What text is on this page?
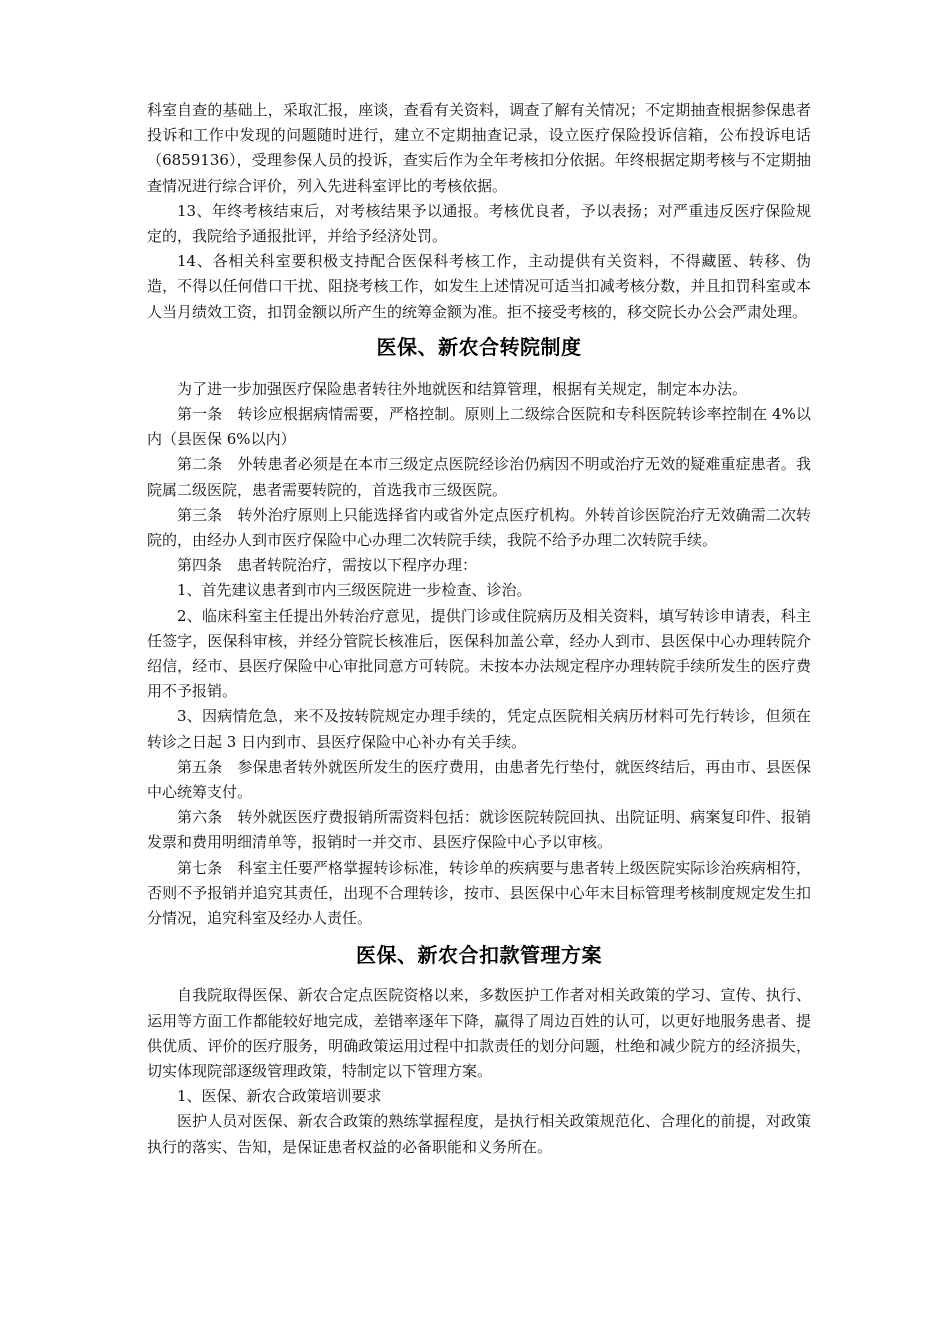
科室自查的基础上，采取汇报，座谈，查看有关资料，调查了解有关情况；不定期抽查根据参保患者投诉和工作中发现的问题随时进行，建立不定期抽查记录，设立医疗保险投诉信箱，公布投诉电话（6859136），受理参保人员的投诉，查实后作为全年考核扣分依据。年终根据定期考核与不定期抽查情况进行综合评价，列入先进科室评比的考核依据。

13、年终考核结束后，对考核结果予以通报。考核优良者，予以表扬；对严重违反医疗保险规定的，我院给予通报批评，并给予经济处罚。

14、各相关科室要积极支持配合医保科考核工作，主动提供有关资料，不得藏匿、转移、伪造，不得以任何借口干扰、阻挠考核工作，如发生上述情况可适当扣减考核分数，并且扣罚科室或本人当月绩效工资，扣罚金额以所产生的统筹金额为准。拒不接受考核的，移交院长办公会严肃处理。

医保、新农合转院制度

为了进一步加强医疗保险患者转往外地就医和结算管理，根据有关规定，制定本办法。

第一条　转诊应根据病情需要，严格控制。原则上二级综合医院和专科医院转诊率控制在 4%以内（县医保 6%以内）

第二条　外转患者必须是在本市三级定点医院经诊治仍病因不明或治疗无效的疑难重症患者。我院属二级医院，患者需要转院的，首选我市三级医院。

第三条　转外治疗原则上只能选择省内或省外定点医疗机构。外转首诊医院治疗无效确需二次转院的，由经办人到市医疗保险中心办理二次转院手续，我院不给予办理二次转院手续。

第四条　患者转院治疗，需按以下程序办理：

1、首先建议患者到市内三级医院进一步检查、诊治。

2、临床科室主任提出外转治疗意见，提供门诊或住院病历及相关资料，填写转诊申请表，科主任签字，医保科审核，并经分管院长核准后，医保科加盖公章，经办人到市、县医保中心办理转院介绍信，经市、县医疗保险中心审批同意方可转院。未按本办法规定程序办理转院手续所发生的医疗费用不予报销。

3、因病情危急，来不及按转院规定办理手续的，凭定点医院相关病历材料可先行转诊，但须在转诊之日起 3 日内到市、县医疗保险中心补办有关手续。

第五条　参保患者转外就医所发生的医疗费用，由患者先行垫付，就医终结后，再由市、县医保中心统筹支付。

第六条　转外就医医疗费报销所需资料包括：就诊医院转院回执、出院证明、病案复印件、报销发票和费用明细清单等，报销时一并交市、县医疗保险中心予以审核。

第七条　科室主任要严格掌握转诊标准，转诊单的疾病要与患者转上级医院实际诊治疾病相符，否则不予报销并追究其责任，出现不合理转诊，按市、县医保中心年末目标管理考核制度规定发生扣分情况，追究科室及经办人责任。

医保、新农合扣款管理方案

自我院取得医保、新农合定点医院资格以来，多数医护工作者对相关政策的学习、宣传、执行、运用等方面工作都能较好地完成，差错率逐年下降，赢得了周边百姓的认可，以更好地服务患者、提供优质、评价的医疗服务，明确政策运用过程中扣款责任的划分问题，杜绝和减少院方的经济损失，切实体现院部逐级管理政策，特制定以下管理方案。

1、医保、新农合政策培训要求

医护人员对医保、新农合政策的熟练掌握程度，是执行相关政策规范化、合理化的前提，对政策执行的落实、告知，是保证患者权益的必备职能和义务所在。
